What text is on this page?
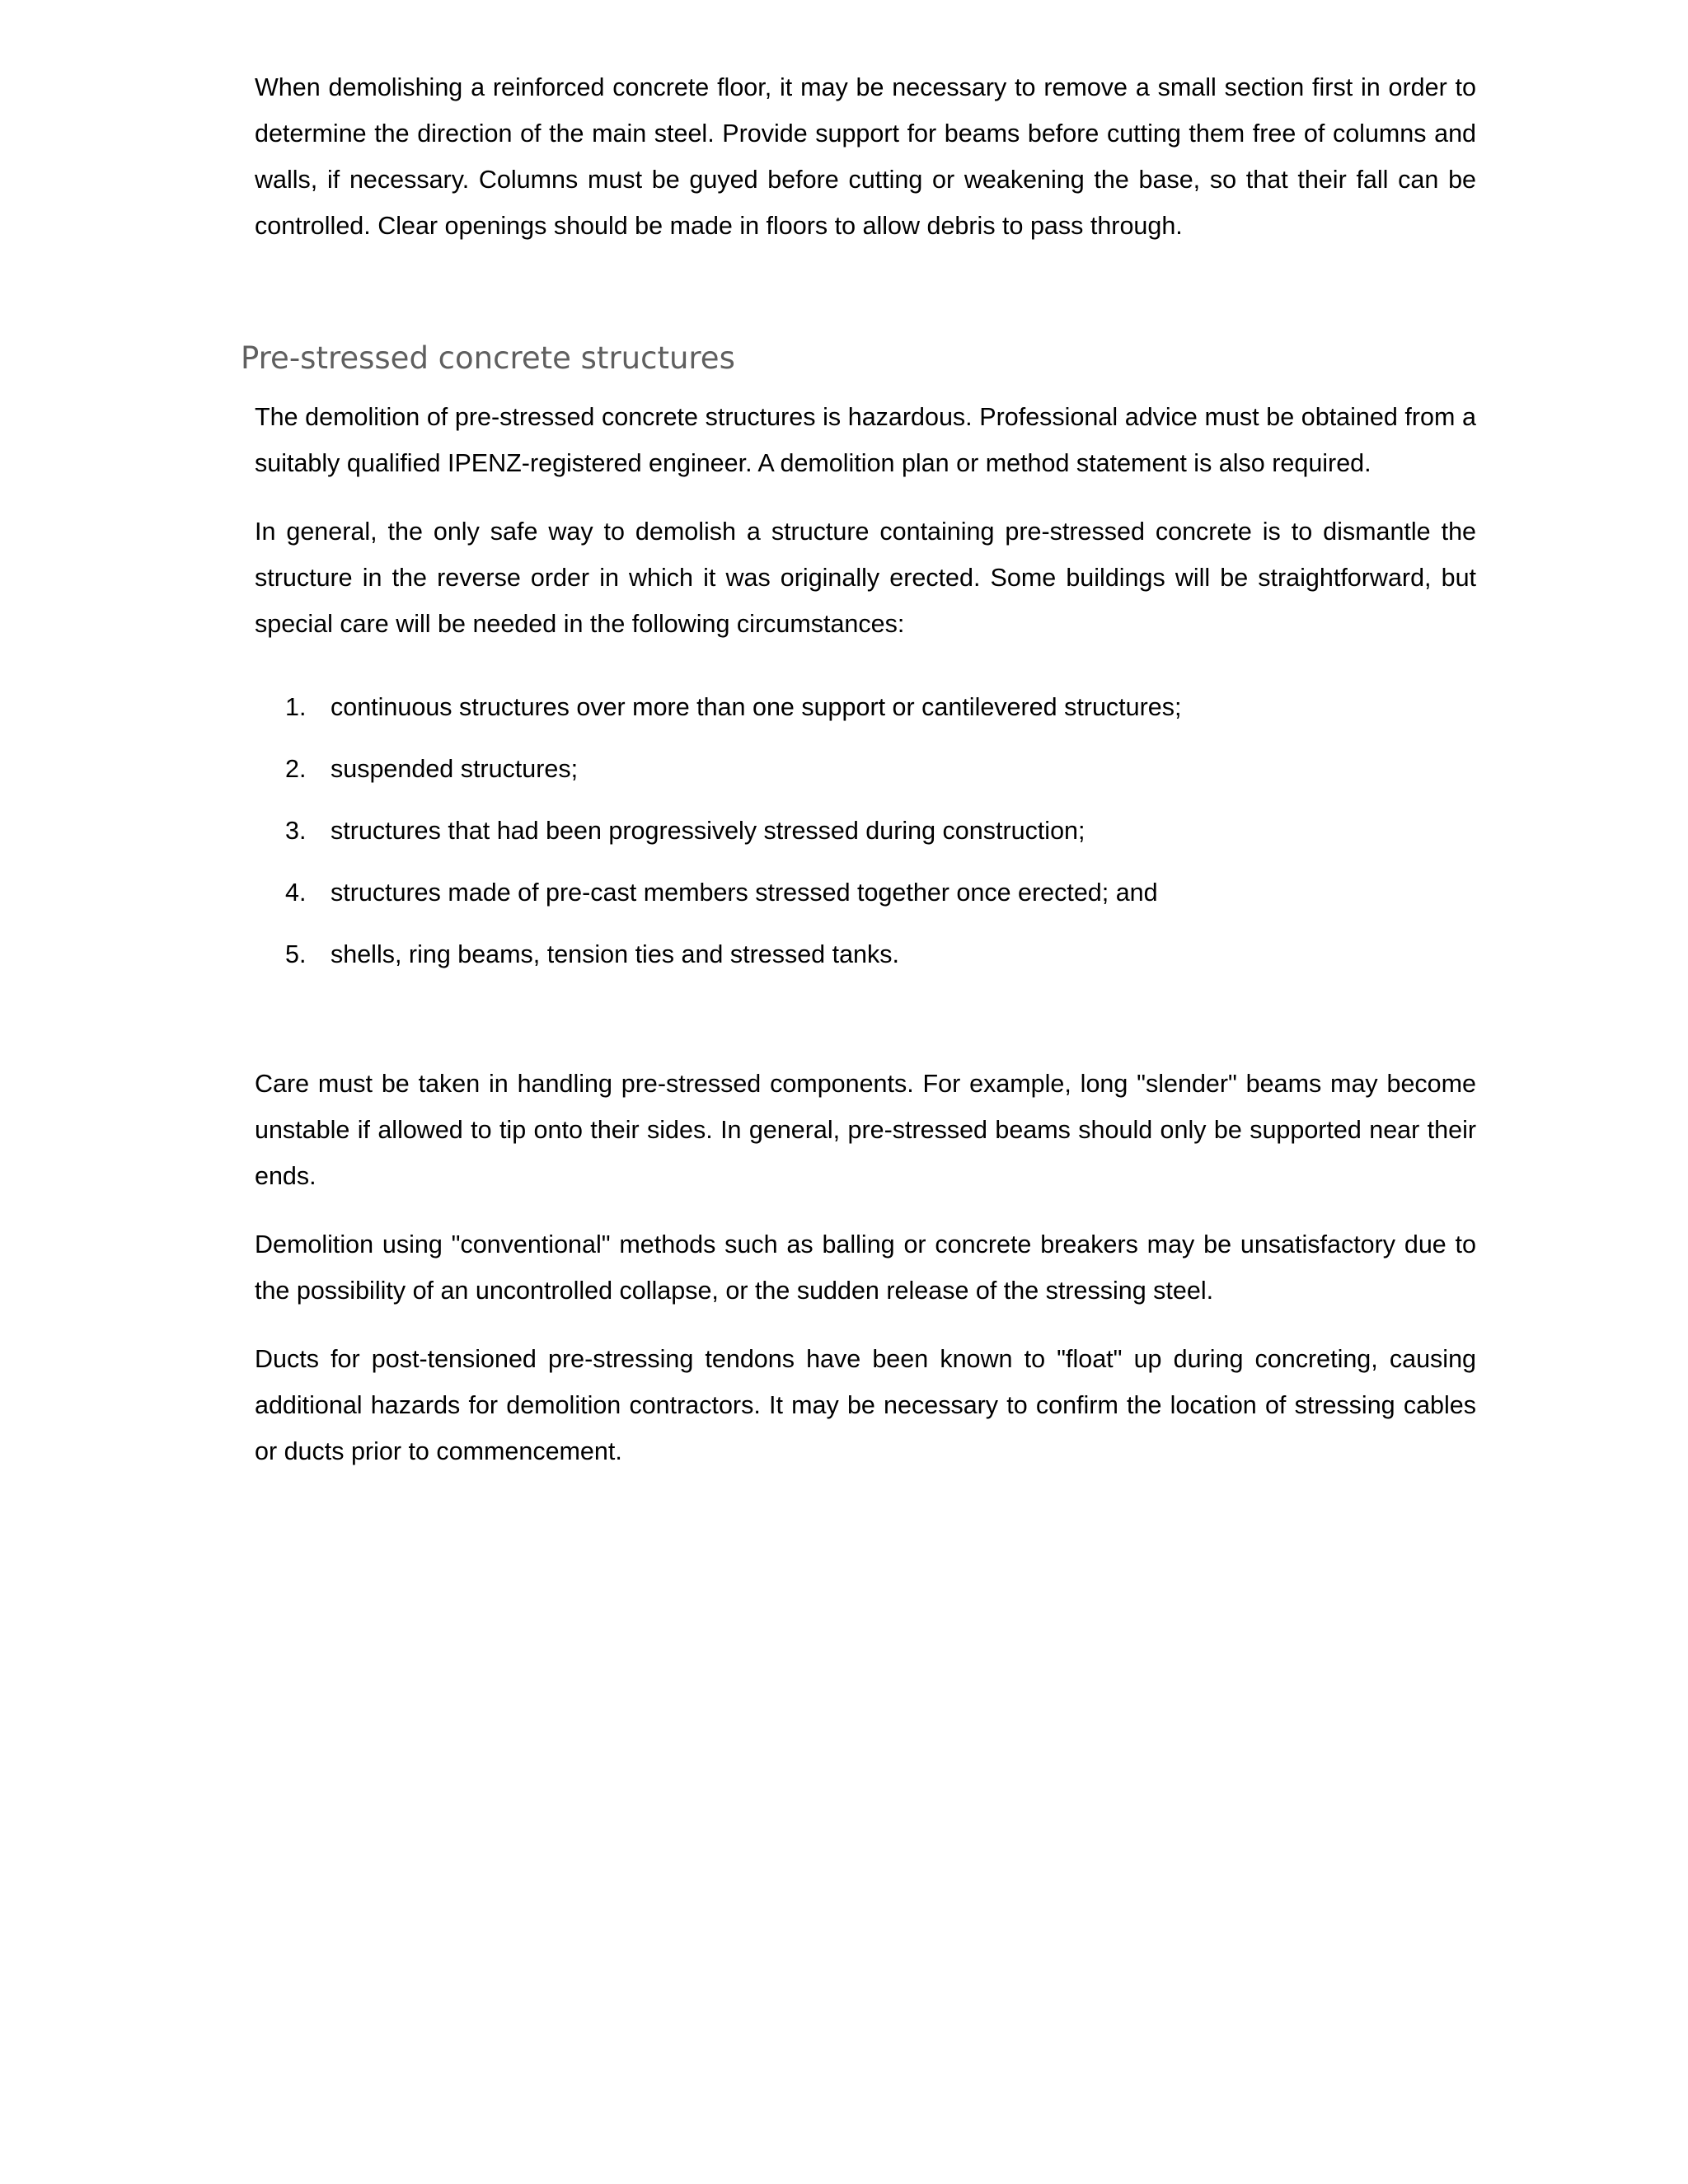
When demolishing a reinforced concrete floor, it may be necessary to remove a small section first in order to determine the direction of the main steel. Provide support for beams before cutting them free of columns and walls, if necessary. Columns must be guyed before cutting or weakening the base, so that their fall can be controlled. Clear openings should be made in floors to allow debris to pass through.

Pre-stressed concrete structures

The demolition of pre-stressed concrete structures is hazardous. Professional advice must be obtained from a suitably qualified IPENZ-registered engineer. A demolition plan or method statement is also required.

In general, the only safe way to demolish a structure containing pre-stressed concrete is to dismantle the structure in the reverse order in which it was originally erected. Some buildings will be straightforward, but special care will be needed in the following circumstances:

1. continuous structures over more than one support or cantilevered structures;
2. suspended structures;
3. structures that had been progressively stressed during construction;
4. structures made of pre-cast members stressed together once erected; and
5. shells, ring beams, tension ties and stressed tanks.

Care must be taken in handling pre-stressed components. For example, long "slender" beams may become unstable if allowed to tip onto their sides. In general, pre-stressed beams should only be supported near their ends.

Demolition using "conventional" methods such as balling or concrete breakers may be unsatisfactory due to the possibility of an uncontrolled collapse, or the sudden release of the stressing steel.

Ducts for post-tensioned pre-stressing tendons have been known to "float" up during concreting, causing additional hazards for demolition contractors. It may be necessary to confirm the location of stressing cables or ducts prior to commencement.
